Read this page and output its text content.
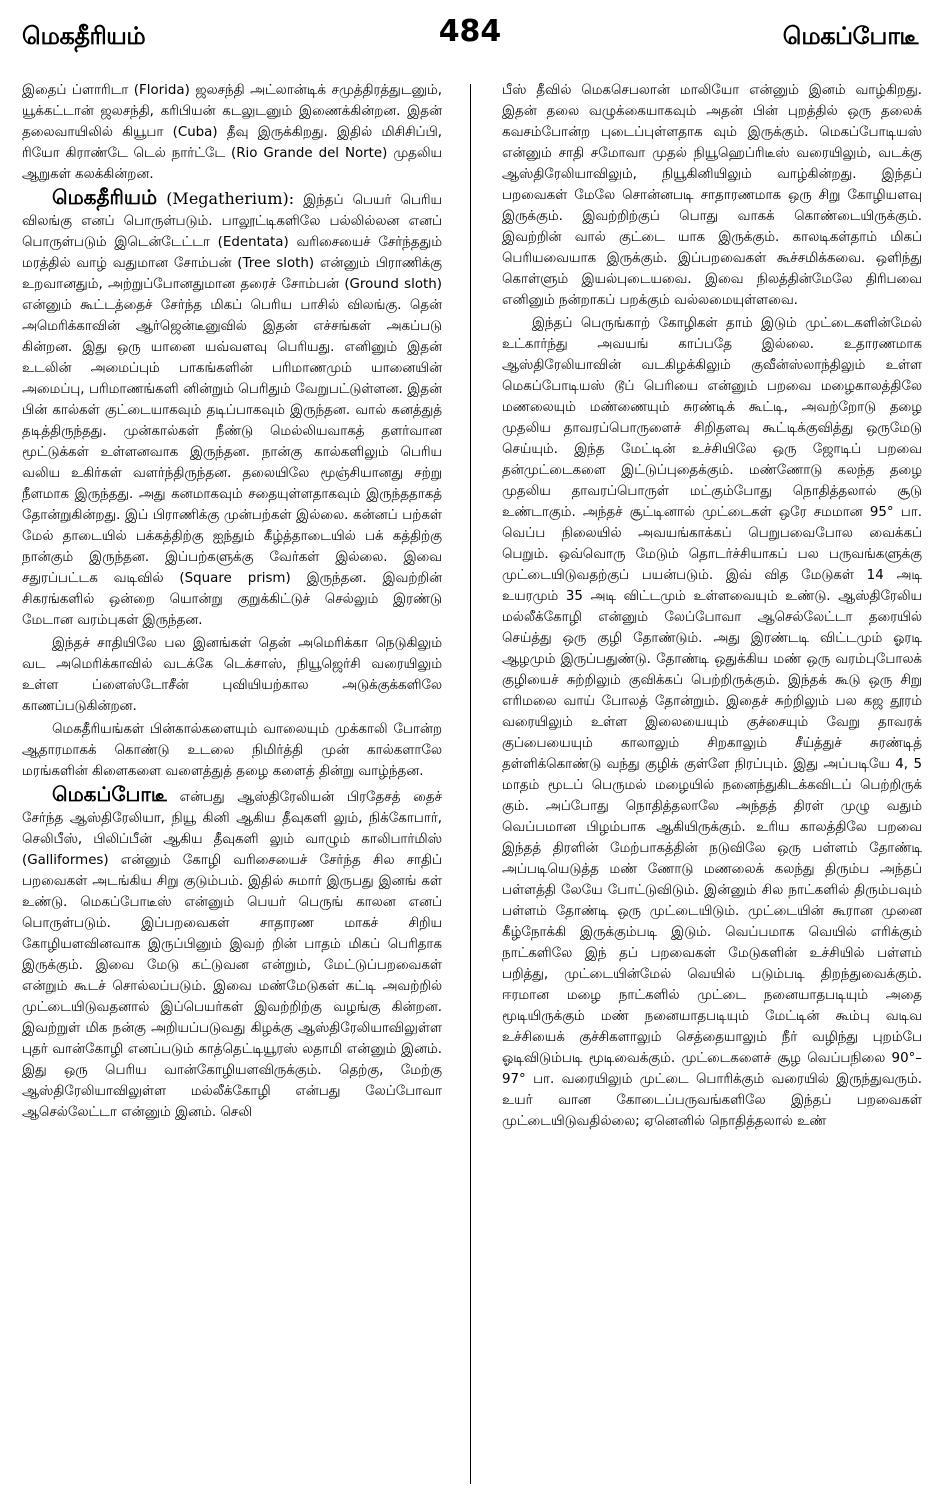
மெகதீரியம்	484	மெகப்போடீ

இதைப் ப்ளாரிடா (Florida) ஜலசந்தி அட்லான்டிக் சமுத்திரத்துடனும், யூக்கட்டான் ஜலசந்தி, கரிபியன் கடலுடனும் இணைக்கின்றன. இதன் தலைவாயிலில் கியூபா (Cuba) தீவு இருக்கிறது. இதில் மிசிசிப்பி, ரியோ கிராண்டே டெல் நார்ட்டே (Rio Grande del Norte) முதலிய ஆறுகள் கலக்கின்றன.

மெகதீரியம் (Megatherium): இந்தப் பெயர் பெரிய விலங்கு எனப் பொருள்படும். பாலூட்டிகளிலே பல்லில்லன எனப் பொருள்படும் இடென்டேட்டா (Edentata) வரிசையைச் சேர்ந்ததும் மரத்தில் வாழ் வதுமான சோம்பன் (Tree sloth) என்னும் பிராணிக்கு உறவானதும், அற்றுப்போனதுமான தரைச் சோம்பன் (Ground sloth) என்னும் கூட்டத்தைச் சேர்ந்த மிகப் பெரிய பாசில் விலங்கு. தென் அமெரிக்காவின் ஆர்ஜென்டீனுவில் இதன் எச்சங்கள் அகப்படு கின்றன. இது ஒரு யானை யவ்வளவு பெரியது. எனினும் இதன் உடலின் அமைப்பும் பாகங்களின் பரிமாணமும் யானையின் அமைப்பு, பரிமாணங்களி னின்றும் பெரிதும் வேறுபட்டுள்ளன. இதன் பின் கால்கள் குட்டையாகவும் தடிப்பாகவும் இருந்தன. வால் கனத்துத் தடித்திருந்தது. முன்கால்கள் நீண்டு மெல்லியவாகத் தளர்வான மூட்டுக்கள் உள்ளனவாக இருந்தன. நான்கு கால்களிலும் பெரிய வலிய உகிர்கள் வளர்ந்திருந்தன. தலையிலே மூஞ்சியானது சற்று நீளமாக இருந்தது. அது கனமாகவும் சதையுள்ளதாகவும் இருந்ததாகத் தோன்றுகின்றது. இப் பிராணிக்கு முன்பற்கள் இல்லை. கன்னப் பற்கள் மேல் தாடையில் பக்கத்திற்கு ஐந்தும் கீழ்த்தாடையில் பக் கத்திற்கு நான்கும் இருந்தன. இப்பற்களுக்கு வேர்கள் இல்லை. இவை சதுரப்பட்டக வடிவில் (Square prism) இருந்தன. இவற்றின் சிகரங்களில் ஒன்றை யொன்று குறுக்கிட்டுச் செல்லும் இரண்டு மேடான வரம்புகள் இருந்தன.

இந்தச் சாதியிலே பல இனங்கள் தென் அமெரிக்கா நெடுகிலும் வட அமெரிக்காவில் வடக்கே டெக்சாஸ், நியூஜெர்சி வரையிலும் உள்ள ப்ளைஸ்டோசீன் புவியியற்கால அடுக்குக்களிலே காணப்படுகின்றன.

மெகதீரியங்கள் பின்கால்களையும் வாலையும் முக்காலி போன்ற ஆதாரமாகக் கொண்டு உடலை நிமிர்த்தி முன் கால்களாலே மரங்களின் கிளைகளை வளைத்துத் தழை களைத் தின்று வாழ்ந்தன.

மெகப்போடீ என்பது ஆஸ்திரேலியன் பிரதேசத் தைச் சேர்ந்த ஆஸ்திரேலியா, நியூ கினி ஆகிய தீவுகளி லும், நிக்கோபார், செலிபீஸ், பிலிப்பீன் ஆகிய தீவுகளி லும் வாழும் காலிபார்மிஸ் (Galliformes) என்னும் கோழி வரிசையைச் சேர்ந்த சில சாதிப் பறவைகள் அடங்கிய சிறு குடும்பம். இதில் சுமார் இருபது இனங் கள் உண்டு. மெகப்போடீஸ் என்னும் பெயர் பெருங் காலன எனப் பொருள்படும். இப்பறவைகள் சாதாரண மாகச் சிறிய கோழியளவினவாக இருப்பினும் இவற் றின் பாதம் மிகப் பெரிதாக இருக்கும். இவை மேடு கட்டுவன என்றும், மேட்டுப்பறவைகள் என்றும் கூடச் சொல்லப்படும். இவை மண்மேடுகள் கட்டி அவற்றில் முட்டையிடுவதனால் இப்பெயர்கள் இவற்றிற்கு வழங்கு கின்றன. இவற்றுள் மிக நன்கு அறியப்படுவது கிழக்கு ஆஸ்திரேலியாவிலுள்ள புதர் வான்கோழி எனப்படும் காத்தெட்டியூரஸ் லதாமி என்னும் இனம். இது ஒரு பெரிய வான்கோழியளவிருக்கும். தெற்கு, மேற்கு ஆஸ்திரேலியாவிலுள்ள மல்லீக்கோழி என்பது லேப்போவா ஆசெல்லேட்டா என்னும் இனம். செலி

பீஸ் தீவில் மெகசெபலான் மாலியோ என்னும் இனம் வாழ்கிறது. இதன் தலை வழுக்கையாகவும் அதன் பின் புறத்தில் ஒரு தலைக் கவசம்போன்ற புடைப்புள்ளதாக வும் இருக்கும். மெகப்போடியஸ் என்னும் சாதி சமோவா முதல் நியூஹெப்ரிடீஸ் வரையிலும், வடக்கு ஆஸ்திரேலியாவிலும், நியூகினியிலும் வாழ்கின்றது. இந்தப் பறவைகள் மேலே சொன்னபடி சாதாரணமாக ஒரு சிறு கோழியளவு இருக்கும். இவற்றிற்குப் பொது வாகக் கொண்டையிருக்கும். இவற்றின் வால் குட்டை யாக இருக்கும். காலடிகள்தாம் மிகப் பெரியவையாக இருக்கும். இப்பறவைகள் கூச்சமிக்கவை. ஒளிந்து கொள்ளும் இயல்புடையவை. இவை நிலத்தின்மேலே திரிபவை எனினும் நன்றாகப் பறக்கும் வல்லமையுள்ளவை.

இந்தப் பெருங்காற் கோழிகள் தாம் இடும் முட்டைகளின்மேல் உட்கார்ந்து அவயங் காப்பதே இல்லை. உதாரணமாக ஆஸ்திரேலியாவின் வடகிழக்கிலும் குவீன்ஸ்லாந்திலும் உள்ள மெகப்போடியஸ் டூப் பெரியை என்னும் பறவை மழைகாலத்திலே மணலையும் மண்ணையும் சுரண்டிக் கூட்டி, அவற்றோடு தழை முதலிய தாவரப்பொருளைச் சிறிதளவு கூட்டிக்குவித்து ஒருமேடு செய்யும். இந்த மேட்டின் உச்சியிலே ஒரு ஜோடிப் பறவை தன்முட்டைகளை இட்டுப்புதைக்கும். மண்ணோடு கலந்த தழை முதலிய தாவரப்பொருள் மட்கும்போது நொதித்தலால் சூடு உண்டாகும். அந்தச் சூட்டினால் முட்டைகள் ஒரே சமமான 95° பா. வெப்ப நிலையில் அவயங்காக்கப் பெறுபவைபோல வைக்கப் பெறும். ஒவ்வொரு மேடும் தொடர்ச்சியாகப் பல பருவங்களுக்கு முட்டையிடுவதற்குப் பயன்படும். இவ் வித மேடுகள் 14 அடி உயரமும் 35 அடி விட்டமும் உள்ளவையும் உண்டு. ஆஸ்திரேலிய மல்லீக்கோழி என்னும் லேப்போவா ஆசெல்லேட்டா தரையில் செய்த்து ஒரு குழி தோண்டும். அது இரண்டடி விட்டமும் ஓரடி ஆழமும் இருப்பதுண்டு. தோண்டி ஒதுக்கிய மண் ஒரு வரம்புபோலக் குழியைச் சுற்றிலும் குவிக்கப் பெற்றிருக்கும். இந்தக் கூடு ஒரு சிறு எரிமலை வாய் போலத் தோன்றும். இதைச் சுற்றிலும் பல கஜ தூரம் வரையிலும் உள்ள இலையையும் குச்சையும் வேறு தாவரக் குப்பையையும் காலாலும் சிறகாலும் சீய்த்துச் சுரண்டித் தள்ளிக்கொண்டு வந்து குழிக் குள்ளே நிரப்பும். இது அப்படியே 4, 5 மாதம் மூடப் பெருமல் மழையில் நனைந்துகிடக்கவிடப் பெற்றிருக் கும். அப்போது நொதித்தலாலே அந்தத் திரள் முழு வதும் வெப்பமான பிழம்பாக ஆகியிருக்கும். உரிய காலத்திலே பறவை இந்தத் திரளின் மேற்பாகத்தின் நடுவிலே ஒரு பள்ளம் தோண்டி அப்படியெடுத்த மண் ணோடு மணலைக் கலந்து திரும்ப அந்தப் பள்ளத்தி லேயே போட்டுவிடும். இன்னும் சில நாட்களில் திரும்பவும் பள்ளம் தோண்டி ஒரு முட்டையிடும். முட்டையின் கூரான முனை கீழ்நோக்கி இருக்கும்படி இடும். வெப்பமாக வெயில் எரிக்கும் நாட்களிலே இந் தப் பறவைகள் மேடுகளின் உச்சியில் பள்ளம் பறித்து, முட்டையின்மேல் வெயில் படும்படி திறந்துவைக்கும். ஈரமான மழை நாட்களில் முட்டை நனையாதபடியும் அதை மூடியிருக்கும் மண் நனையாதபடியும் மேட்டின் கூம்பு வடிவ உச்சியைக் குச்சிகளாலும் செத்தையாலும் நீர் வழிந்து புறம்பே ஓடிவிடும்படி மூடிவைக்கும். முட்டைகளைச் சூழ வெப்பநிலை 90°–97° பா. வரையிலும் முட்டை பொரிக்கும் வரையில் இருந்துவரும். உயர் வான கோடைப்பருவங்களிலே இந்தப் பறவைகள் முட்டையிடுவதில்லை; ஏனெனில் நொதித்தலால் உண்
